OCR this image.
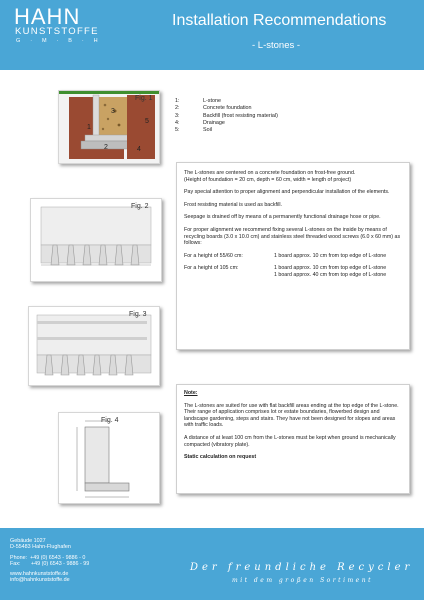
HAHN
KUNSTSTOFFE
G · M · B · H
Installation Recommendations
- L-stones -
1
2
3
4
5
Fig. 1
Fig. 2
Fig. 3
Fig. 4
1:	L-stone
2:	Concrete foundation
3:	Backfill (frost resisting material)
4:	Drainage
5:	Soil

The L-stones are centered on a concrete foundation on frost-free ground.
(Height of foundation = 20 cm, depth = 60 cm, width = length of project)

Pay special attention to proper alignment and perpendicular installation of the elements.

Frost resisting material is used as backfill.

Seepage is drained off by means of a permanently functional drainage hose or pipe.

For proper alignment we recommend fixing several L-stones on the inside by means of recycling boards (3.0 x 10.0 cm) and stainless steel threaded wood screws (6.0 x 60 mm) as follows:

For a height of 55/60 cm:	1 board approx. 10 cm from top edge of L-stone
For a height of 105 cm:	1 board approx. 10 cm from top edge of L-stone
1 board approx. 40 cm from top edge of L-stone
Note:

The L-stones are suited for use with flat backfill areas ending at the top edge of the L-stone. Their range of application comprises lot or estate boundaries, flowerbed design and landscape gardening, steps and stairs. They have not been designed for slopes and areas with traffic loads.

A distance of at least 100 cm from the L-stones must be kept when ground is mechanically compacted (vibratory plate).

Static calculation on request

Gebäude 1027
D-55483 Hahn-Flughafen
Phone:  +49 (0) 6543 - 9886 - 0
Fax:       +49 (0) 6543 - 9886 - 99
www.hahnkunststoffe.de
info@hahnkunststoffe.de
Der freundliche Recycler
mit dem großen Sortiment
